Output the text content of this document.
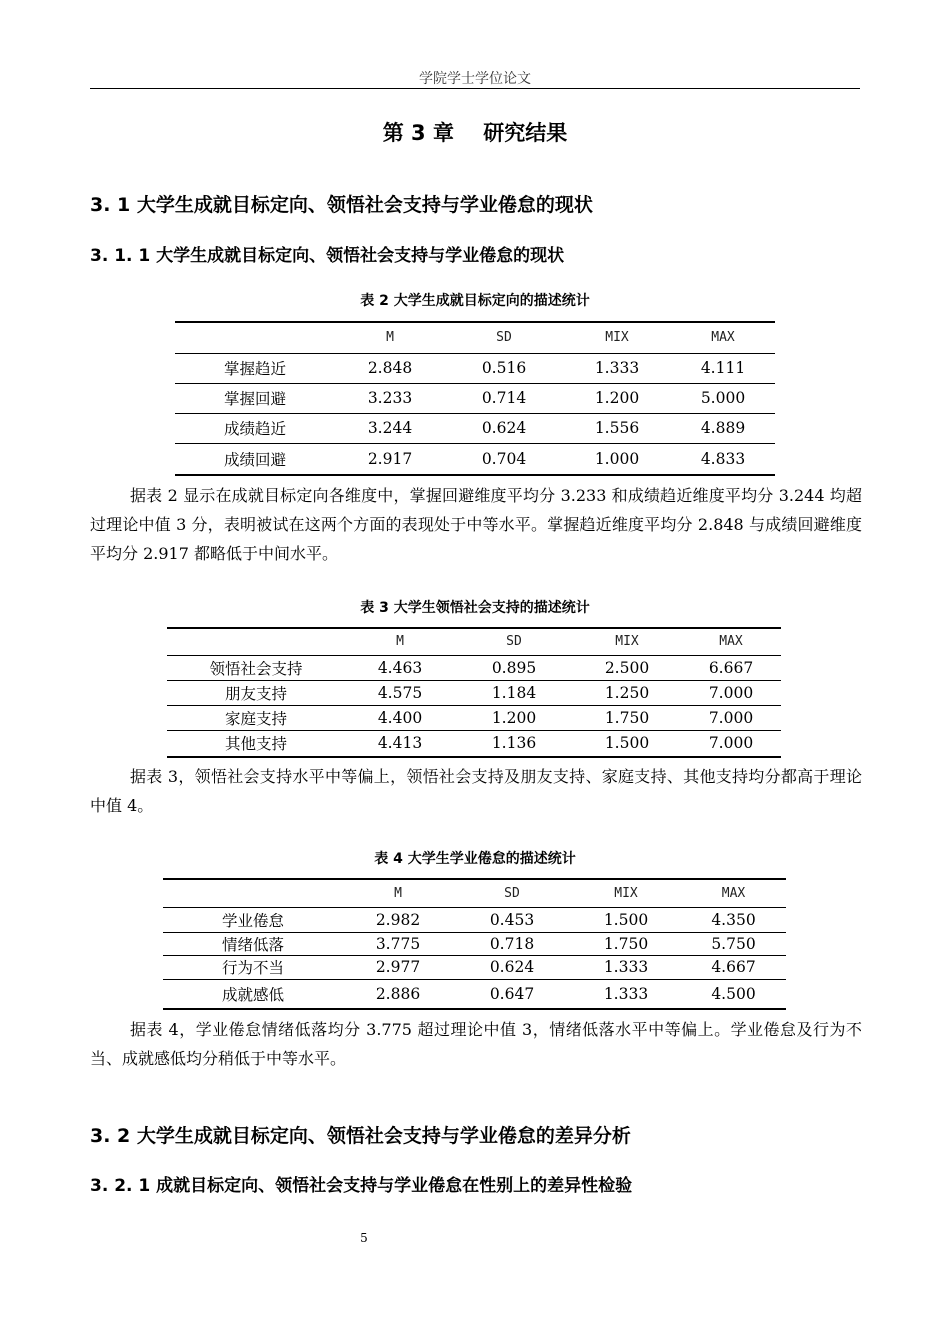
学院学士学位论文
第 3 章    研究结果
3. 1 大学生成就目标定向、领悟社会支持与学业倦怠的现状
3. 1. 1 大学生成就目标定向、领悟社会支持与学业倦怠的现状
表 2 大学生成就目标定向的描述统计
	M	SD	MIX	MAX
掌握趋近	2.848	0.516	1.333	4.111
掌握回避	3.233	0.714	1.200	5.000
成绩趋近	3.244	0.624	1.556	4.889
成绩回避	2.917	0.704	1.000	4.833

据表 2 显示在成就目标定向各维度中，掌握回避维度平均分 3.233 和成绩趋近维度平均分 3.244 均超过理论中值 3 分，表明被试在这两个方面的表现处于中等水平。掌握趋近维度平均分 2.848 与成绩回避维度平均分 2.917 都略低于中间水平。

表 3 大学生领悟社会支持的描述统计
	M	SD	MIX	MAX
领悟社会支持	4.463	0.895	2.500	6.667
朋友支持	4.575	1.184	1.250	7.000
家庭支持	4.400	1.200	1.750	7.000
其他支持	4.413	1.136	1.500	7.000

据表 3，领悟社会支持水平中等偏上，领悟社会支持及朋友支持、家庭支持、其他支持均分都高于理论中值 4。

表 4 大学生学业倦怠的描述统计
	M	SD	MIX	MAX
学业倦怠	2.982	0.453	1.500	4.350
情绪低落	3.775	0.718	1.750	5.750
行为不当	2.977	0.624	1.333	4.667
成就感低	2.886	0.647	1.333	4.500

据表 4，学业倦怠情绪低落均分 3.775 超过理论中值 3，情绪低落水平中等偏上。学业倦怠及行为不当、成就感低均分稍低于中等水平。

3. 2 大学生成就目标定向、领悟社会支持与学业倦怠的差异分析
3. 2. 1 成就目标定向、领悟社会支持与学业倦怠在性别上的差异性检验
5
